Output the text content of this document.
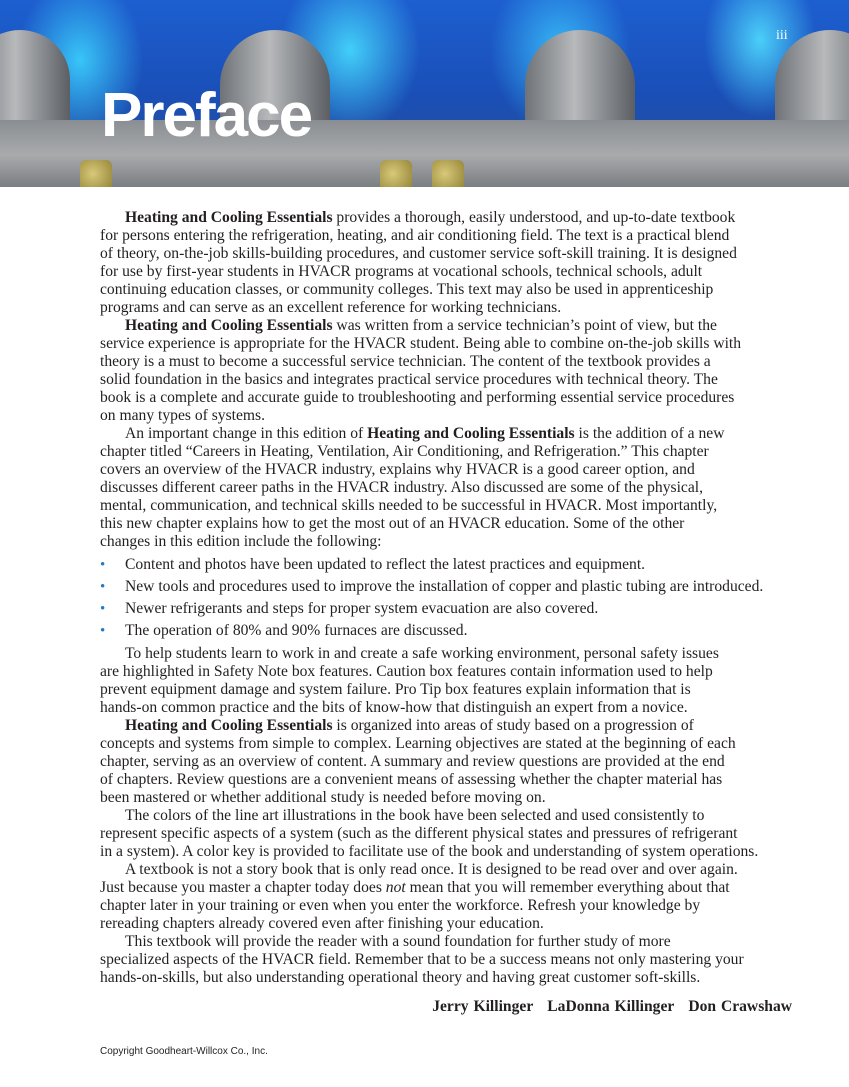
Preface
iii
Heating and Cooling Essentials provides a thorough, easily understood, and up-to-date textbook
for persons entering the refrigeration, heating, and air conditioning field. The text is a practical blend
of theory, on-the-job skills-building procedures, and customer service soft-skill training. It is designed
for use by first-year students in HVACR programs at vocational schools, technical schools, adult
continuing education classes, or community colleges. This text may also be used in apprenticeship
programs and can serve as an excellent reference for working technicians.
Heating and Cooling Essentials was written from a service technician’s point of view, but the
service experience is appropriate for the HVACR student. Being able to combine on-the-job skills with
theory is a must to become a successful service technician. The content of the textbook provides a
solid foundation in the basics and integrates practical service procedures with technical theory. The
book is a complete and accurate guide to troubleshooting and performing essential service procedures
on many types of systems.
An important change in this edition of Heating and Cooling Essentials is the addition of a new
chapter titled “Careers in Heating, Ventilation, Air Conditioning, and Refrigeration.” This chapter
covers an overview of the HVACR industry, explains why HVACR is a good career option, and
discusses different career paths in the HVACR industry. Also discussed are some of the physical,
mental, communication, and technical skills needed to be successful in HVACR. Most importantly,
this new chapter explains how to get the most out of an HVACR education. Some of the other
changes in this edition include the following:
• Content and photos have been updated to reflect the latest practices and equipment.
• New tools and procedures used to improve the installation of copper and plastic tubing are introduced.
• Newer refrigerants and steps for proper system evacuation are also covered.
• The operation of 80% and 90% furnaces are discussed.
To help students learn to work in and create a safe working environment, personal safety issues
are highlighted in Safety Note box features. Caution box features contain information used to help
prevent equipment damage and system failure. Pro Tip box features explain information that is
hands-on common practice and the bits of know-how that distinguish an expert from a novice.
Heating and Cooling Essentials is organized into areas of study based on a progression of
concepts and systems from simple to complex. Learning objectives are stated at the beginning of each
chapter, serving as an overview of content. A summary and review questions are provided at the end
of chapters. Review questions are a convenient means of assessing whether the chapter material has
been mastered or whether additional study is needed before moving on.
The colors of the line art illustrations in the book have been selected and used consistently to
represent specific aspects of a system (such as the different physical states and pressures of refrigerant
in a system). A color key is provided to facilitate use of the book and understanding of system operations.
A textbook is not a story book that is only read once. It is designed to be read over and over again.
Just because you master a chapter today does not mean that you will remember everything about that
chapter later in your training or even when you enter the workforce. Refresh your knowledge by
rereading chapters already covered even after finishing your education.
This textbook will provide the reader with a sound foundation for further study of more
specialized aspects of the HVACR field. Remember that to be a success means not only mastering your
hands-on-skills, but also understanding operational theory and having great customer soft-skills.
Jerry Killinger LaDonna Killinger Don Crawshaw
Copyright Goodheart-Willcox Co., Inc.
